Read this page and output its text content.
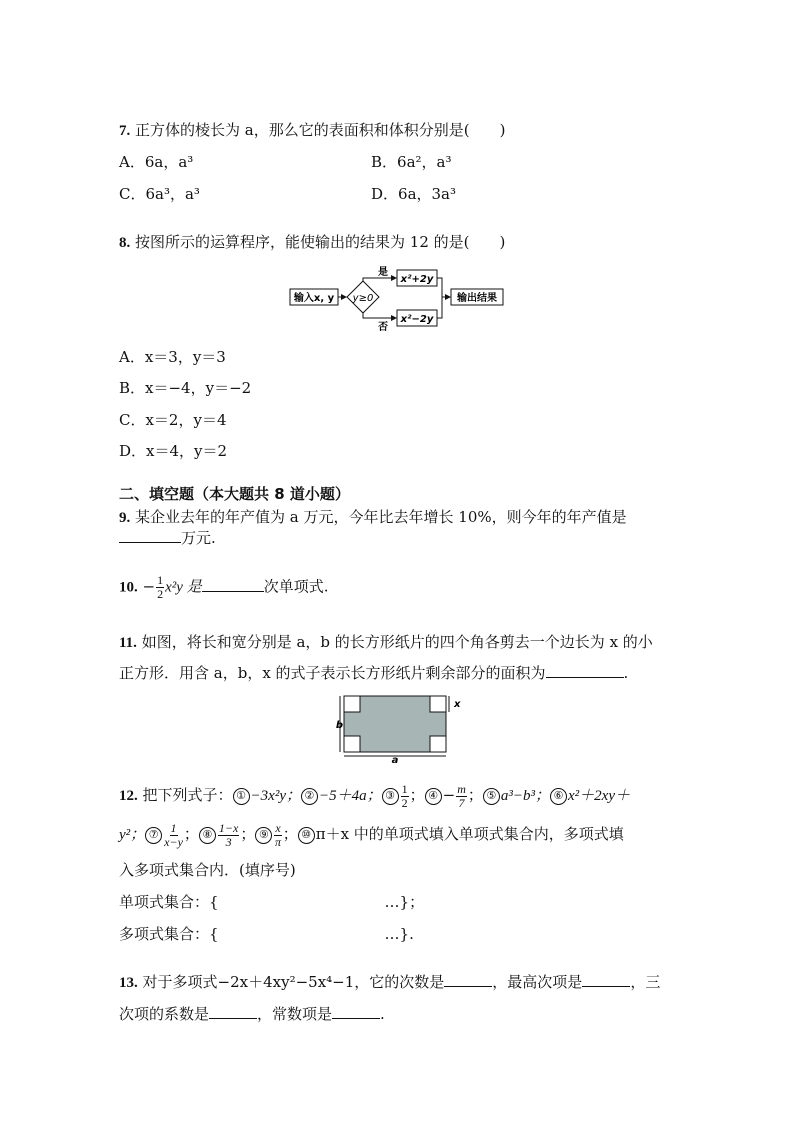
7. 正方体的棱长为 a，那么它的表面积和体积分别是(　　)
A．6a，a³	B．6a²，a³
C．6a³，a³	D．6a，3a³
8. 按图所示的运算程序，能使输出的结果为 12 的是(　　)
输入x, y y≥0
是
否
x²+2y
x²−2y
输出结果
A．x＝3，y＝3
B．x＝−4，y＝−2
C．x＝2，y＝4
D．x＝4，y＝2
二、填空题（本大题共 8 道小题）
9. 某企业去年的年产值为 a 万元，今年比去年增长 10%，则今年的年产值是
万元.
10. − $\frac{1}{2} x^2y$ 是	次单项式.
11. 如图，将长和宽分别是 a，b 的长方形纸片的四个角各剪去一个边长为 x 的小
正方形．用含 a，b，x 的式子表示长方形纸片剩余部分的面积为	.
b
a
x
12. 把下列式子： ① −3x²y； ② −5＋4a； ③ $\frac{1}{2}$ ； ④ − $\frac{m}{7}$ ； ⑤ a³−b³； ⑥ x²＋2xy＋
y²； ⑦ $\frac{1}{x-y}$ ； ⑧ $\frac{1-x}{3}$ ； ⑨ $\frac{x}{\pi}$ ； ⑩ π＋x 中的单项式填入单项式集合内，多项式填
入多项式集合内．(填序号)
单项式集合：{	…}；
多项式集合：{	…}.
13. 对于多项式−2x＋4xy²−5x⁴−1，它的次数是	，最高次项是	，三
次项的系数是	，常数项是	.
